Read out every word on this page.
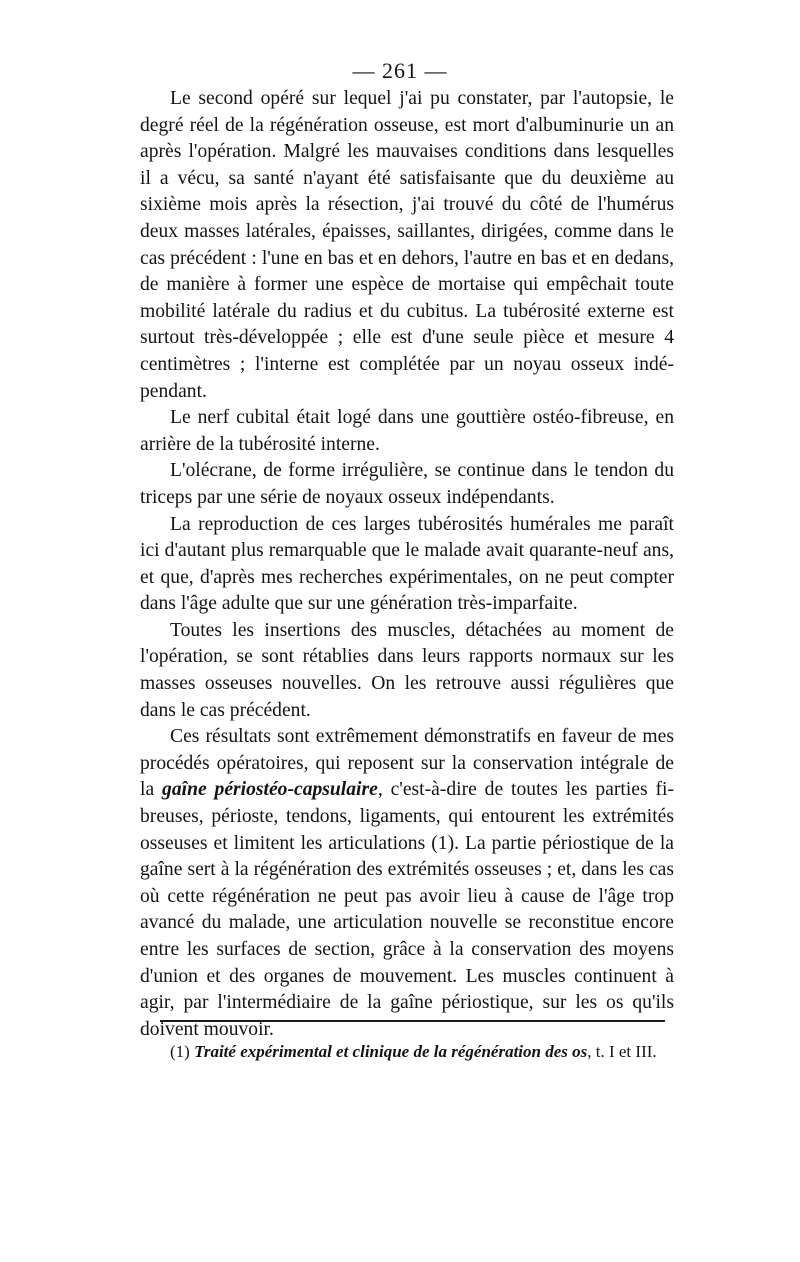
— 261 —

Le second opéré sur lequel j'ai pu constater, par l'autopsie, le degré réel de la régénération osseuse, est mort d'albuminurie un an après l'opération. Malgré les mauvaises conditions dans lesquelles il a vécu, sa santé n'ayant été satisfaisante que du deuxième au sixième mois après la résection, j'ai trouvé du côté de l'humérus deux masses latérales, épaisses, saillantes, dirigées, comme dans le cas précédent : l'une en bas et en dehors, l'autre en bas et en dedans, de manière à former une espèce de mortaise qui empêchait toute mobilité latérale du radius et du cubitus. La tubérosité externe est surtout très-développée ; elle est d'une seule pièce et mesure 4 centimètres ; l'interne est complétée par un noyau osseux indépendant.

Le nerf cubital était logé dans une gouttière ostéo-fibreuse, en arrière de la tubérosité interne.

L'olécrane, de forme irrégulière, se continue dans le tendon du triceps par une série de noyaux osseux indépendants.

La reproduction de ces larges tubérosités humérales me paraît ici d'autant plus remarquable que le malade avait quarante-neuf ans, et que, d'après mes recherches expérimentales, on ne peut compter dans l'âge adulte que sur une génération très-imparfaite.

Toutes les insertions des muscles, détachées au moment de l'opération, se sont rétablies dans leurs rapports normaux sur les masses osseuses nouvelles. On les retrouve aussi régulières que dans le cas précédent.

Ces résultats sont extrêmement démonstratifs en faveur de mes procédés opératoires, qui reposent sur la conservation intégrale de la gaîne périostéo-capsulaire, c'est-à-dire de toutes les parties fibreuses, périoste, tendons, ligaments, qui entourent les extrémités osseuses et limitent les articulations (1). La partie périostique de la gaîne sert à la régénération des extrémités osseuses ; et, dans les cas où cette régénération ne peut pas avoir lieu à cause de l'âge trop avancé du malade, une articulation nouvelle se reconstitue encore entre les surfaces de section, grâce à la conservation des moyens d'union et des organes de mouvement. Les muscles continuent à agir, par l'intermédiaire de la gaîne périostique, sur les os qu'ils doivent mouvoir.

(1) Traité expérimental et clinique de la régénération des os, t. I et III.
